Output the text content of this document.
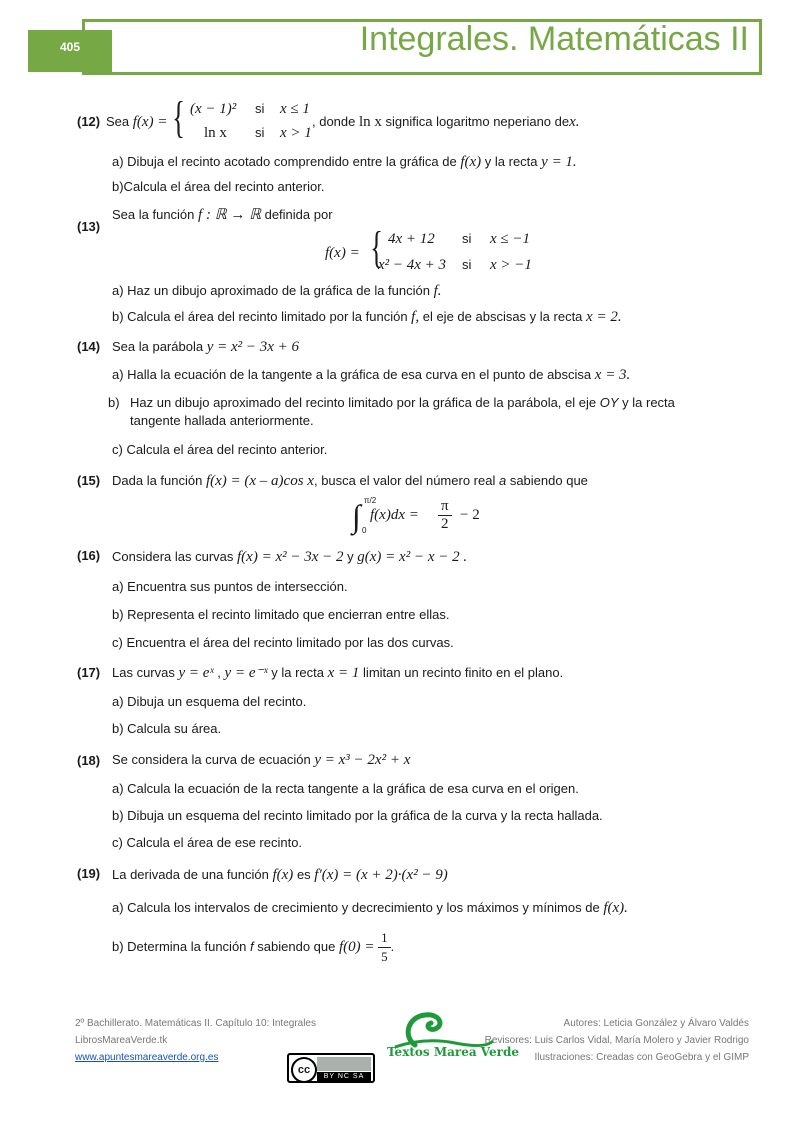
405	Integrales. Matemáticas II
(12) Sea f(x) = { (x − 1)² si x ≤ 1
ln x si x > 1
, donde ln x significa logaritmo neperiano dex.
a) Dibuja el recinto acotado comprendido entre la gráfica de f(x) y la recta y = 1.
b)Calcula el área del recinto anterior.
(13)
Sea la función f : ℝ → ℝ definida por
f(x) = { 4x + 12 si x ≤ −1
x² − 4x + 3 si x > −1
a) Haz un dibujo aproximado de la gráfica de la función f.
b) Calcula el área del recinto limitado por la función f, el eje de abscisas y la recta x = 2.
(14) Sea la parábola y = x² − 3x + 6
a) Halla la ecuación de la tangente a la gráfica de esa curva en el punto de abscisa x = 3.
b) Haz un dibujo aproximado del recinto limitado por la gráfica de la parábola, el eje OY y la recta
tangente hallada anteriormente.
c) Calcula el área del recinto anterior.
(15) Dada la función f(x) = (x – a)cos x, busca el valor del número real a sabiendo que
∫ π/2
0
$f(x)dx = \frac{\pi}{2} - 2$
(16) Considera las curvas f(x) = x² − 3x − 2 y g(x) = x² − x − 2 .
a) Encuentra sus puntos de intersección.
b) Representa el recinto limitado que encierran entre ellas.
c) Encuentra el área del recinto limitado por las dos curvas.
(17) Las curvas y = eˣ , y = e⁻ˣ y la recta x = 1 limitan un recinto finito en el plano.
a) Dibuja un esquema del recinto.
b) Calcula su área.
(18) Se considera la curva de ecuación y = x³ − 2x² + x
a) Calcula la ecuación de la recta tangente a la gráfica de esa curva en el origen.
b) Dibuja un esquema del recinto limitado por la gráfica de la curva y la recta hallada.
c) Calcula el área de ese recinto.
(19) La derivada de una función f(x) es f′(x) = (x + 2)·(x² − 9)
a) Calcula los intervalos de crecimiento y decrecimiento y los máximos y mínimos de f(x).
b) Determina la función f sabiendo que $f(0) = \frac{1}{5}$ .
2º Bachillerato. Matemáticas II. Capítulo 10: Integrales
LibrosMareaVerde.tk
www.apuntesmareaverde.org.es
Autores: Leticia González y Álvaro Valdés
Revisores: Luis Carlos Vidal, María Molero y Javier Rodrigo
Ilustraciones: Creadas con GeoGebra y el GIMP
Textos Marea Verde
cc
BY NC SA
